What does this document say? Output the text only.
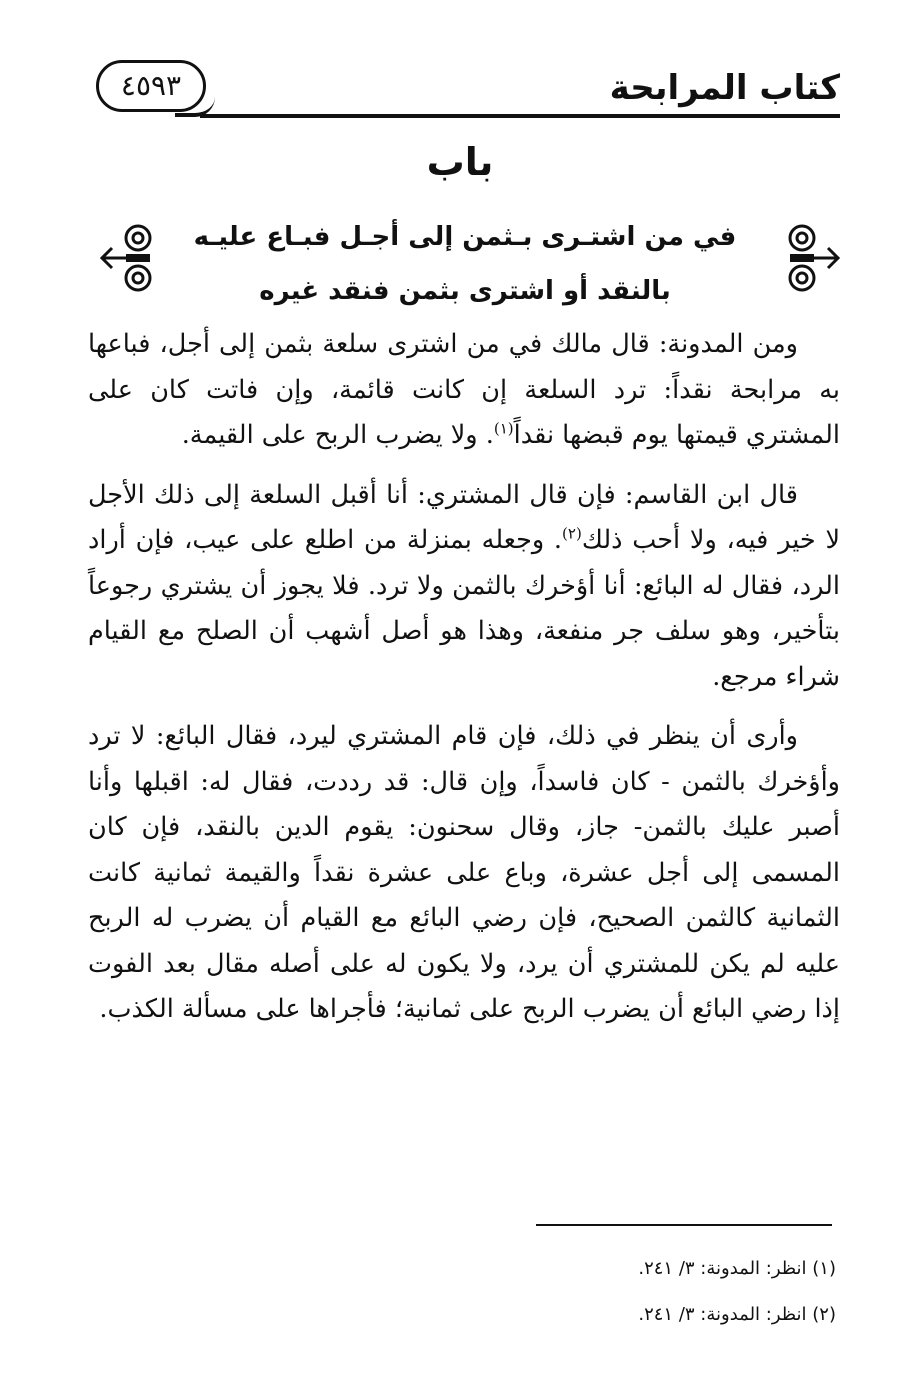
كتاب المرابحة
٤٥٩٣
باب
في من اشتـرى بـثمن إلى أجـل فبـاع عليـه
بالنقد أو اشترى بثمن فنقد غيره

ومن المدونة: قال مالك في من اشترى سلعة بثمن إلى أجل، فباعها به مرابحة نقداً: ترد السلعة إن كانت قائمة، وإن فاتت كان على المشتري قيمتها يوم قبضها نقداً$^{(١)}$. ولا يضرب الربح على القيمة.

قال ابن القاسم: فإن قال المشتري: أنا أقبل السلعة إلى ذلك الأجل لا خير فيه، ولا أحب ذلك$^{(٢)}$. وجعله بمنزلة من اطلع على عيب، فإن أراد الرد، فقال له البائع: أنا أؤخرك بالثمن ولا ترد. فلا يجوز أن يشتري رجوعاً بتأخير، وهو سلف جر منفعة، وهذا هو أصل أشهب أن الصلح مع القيام شراء مرجع.

وأرى أن ينظر في ذلك، فإن قام المشتري ليرد، فقال البائع: لا ترد وأؤخرك بالثمن - كان فاسداً، وإن قال: قد رددت، فقال له: اقبلها وأنا أصبر عليك بالثمن- جاز، وقال سحنون: يقوم الدين بالنقد، فإن كان المسمى إلى أجل عشرة، وباع على عشرة نقداً والقيمة ثمانية كانت الثمانية كالثمن الصحيح، فإن رضي البائع مع القيام أن يضرب له الربح عليه لم يكن للمشتري أن يرد، ولا يكون له على أصله مقال بعد الفوت إذا رضي البائع أن يضرب الربح على ثمانية؛ فأجراها على مسألة الكذب.

(١) انظر: المدونة: ٣/ ٢٤١.
(٢) انظر: المدونة: ٣/ ٢٤١.
